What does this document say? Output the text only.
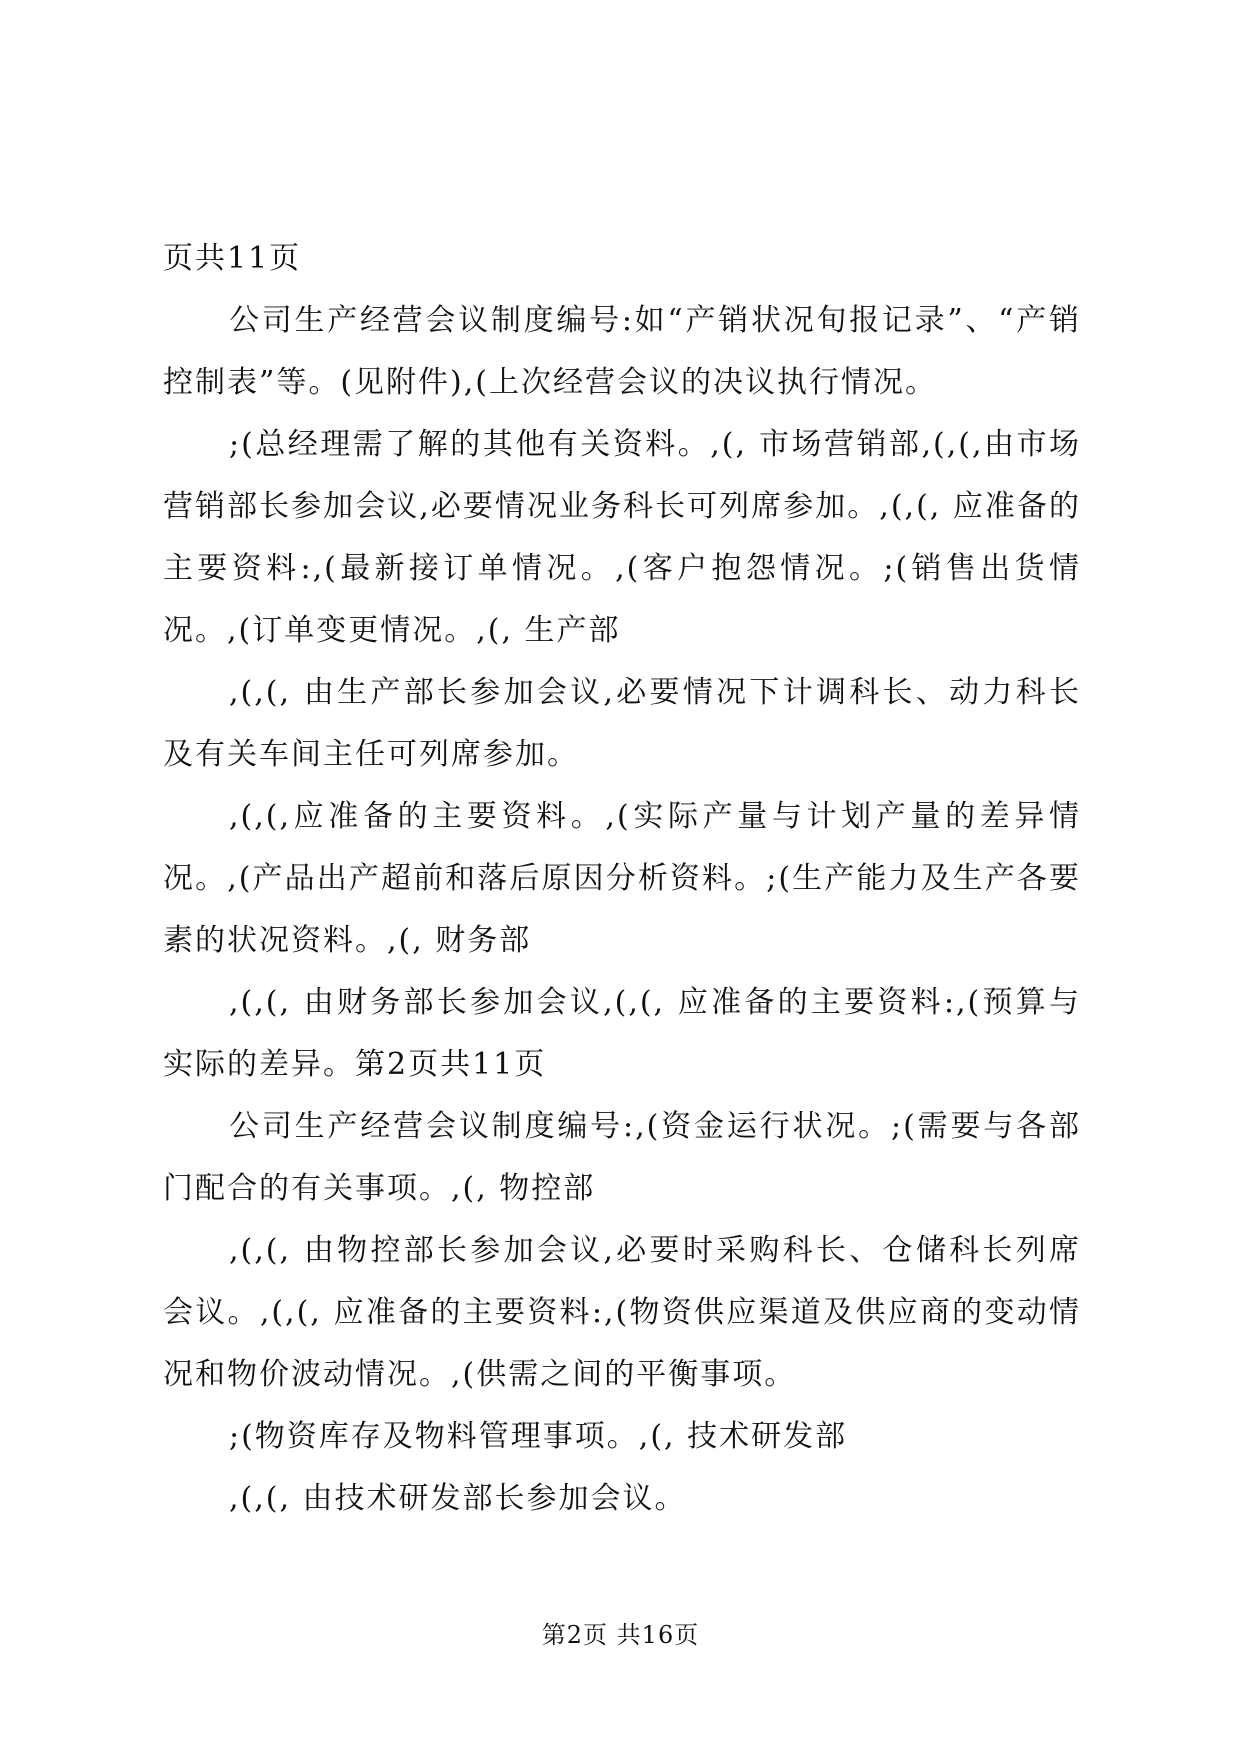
页共11页

公司生产经营会议制度编号:如“产销状况旬报记录”、“产销控制表”等。(见附件),(上次经营会议的决议执行情况。

;(总经理需了解的其他有关资料。,(, 市场营销部,(,(,由市场营销部长参加会议,必要情况业务科长可列席参加。,(,(, 应准备的主要资料:,(最新接订单情况。,(客户抱怨情况。;(销售出货情况。,(订单变更情况。,(, 生产部

,(,(, 由生产部长参加会议,必要情况下计调科长、动力科长及有关车间主任可列席参加。

,(,(,应准备的主要资料。,(实际产量与计划产量的差异情况。,(产品出产超前和落后原因分析资料。;(生产能力及生产各要素的状况资料。,(, 财务部

,(,(, 由财务部长参加会议,(,(, 应准备的主要资料:,(预算与实际的差异。第2页共11页

公司生产经营会议制度编号:,(资金运行状况。;(需要与各部门配合的有关事项。,(, 物控部

,(,(, 由物控部长参加会议,必要时采购科长、仓储科长列席会议。,(,(, 应准备的主要资料:,(物资供应渠道及供应商的变动情况和物价波动情况。,(供需之间的平衡事项。

;(物资库存及物料管理事项。,(, 技术研发部

,(,(, 由技术研发部长参加会议。

第2页 共16页
